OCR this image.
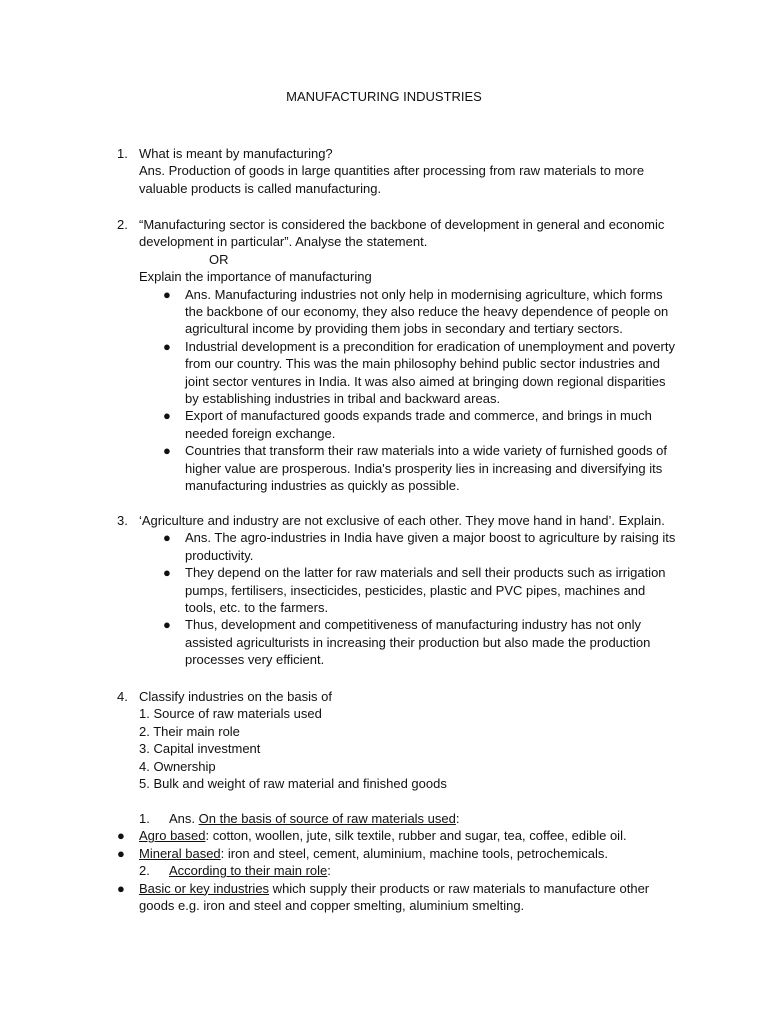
MANUFACTURING INDUSTRIES
1. What is meant by manufacturing?
Ans. Production of goods in large quantities after processing from raw materials to more valuable products is called manufacturing.
2. “Manufacturing sector is considered the backbone of development in general and economic development in particular”. Analyse the statement.
OR
Explain the importance of manufacturing
● Ans. Manufacturing industries not only help in modernising agriculture, which forms the backbone of our economy, they also reduce the heavy dependence of people on agricultural income by providing them jobs in secondary and tertiary sectors.
● Industrial development is a precondition for eradication of unemployment and poverty from our country. This was the main philosophy behind public sector industries and joint sector ventures in India. It was also aimed at bringing down regional disparities by establishing industries in tribal and backward areas.
● Export of manufactured goods expands trade and commerce, and brings in much needed foreign exchange.
● Countries that transform their raw materials into a wide variety of furnished goods of higher value are prosperous. India's prosperity lies in increasing and diversifying its manufacturing industries as quickly as possible.
3. ‘Agriculture and industry are not exclusive of each other. They move hand in hand’. Explain.
● Ans. The agro-industries in India have given a major boost to agriculture by raising its productivity.
● They depend on the latter for raw materials and sell their products such as irrigation pumps, fertilisers, insecticides, pesticides, plastic and PVC pipes, machines and tools, etc. to the farmers.
● Thus, development and competitiveness of manufacturing industry has not only assisted agriculturists in increasing their production but also made the production processes very efficient.
4. Classify industries on the basis of
1. Source of raw materials used
2. Their main role
3. Capital investment
4. Ownership
5. Bulk and weight of raw material and finished goods
1. Ans. On the basis of source of raw materials used:
● Agro based: cotton, woollen, jute, silk textile, rubber and sugar, tea, coffee, edible oil.
● Mineral based: iron and steel, cement, aluminium, machine tools, petrochemicals.
2. According to their main role:
● Basic or key industries which supply their products or raw materials to manufacture other goods e.g. iron and steel and copper smelting, aluminium smelting.
